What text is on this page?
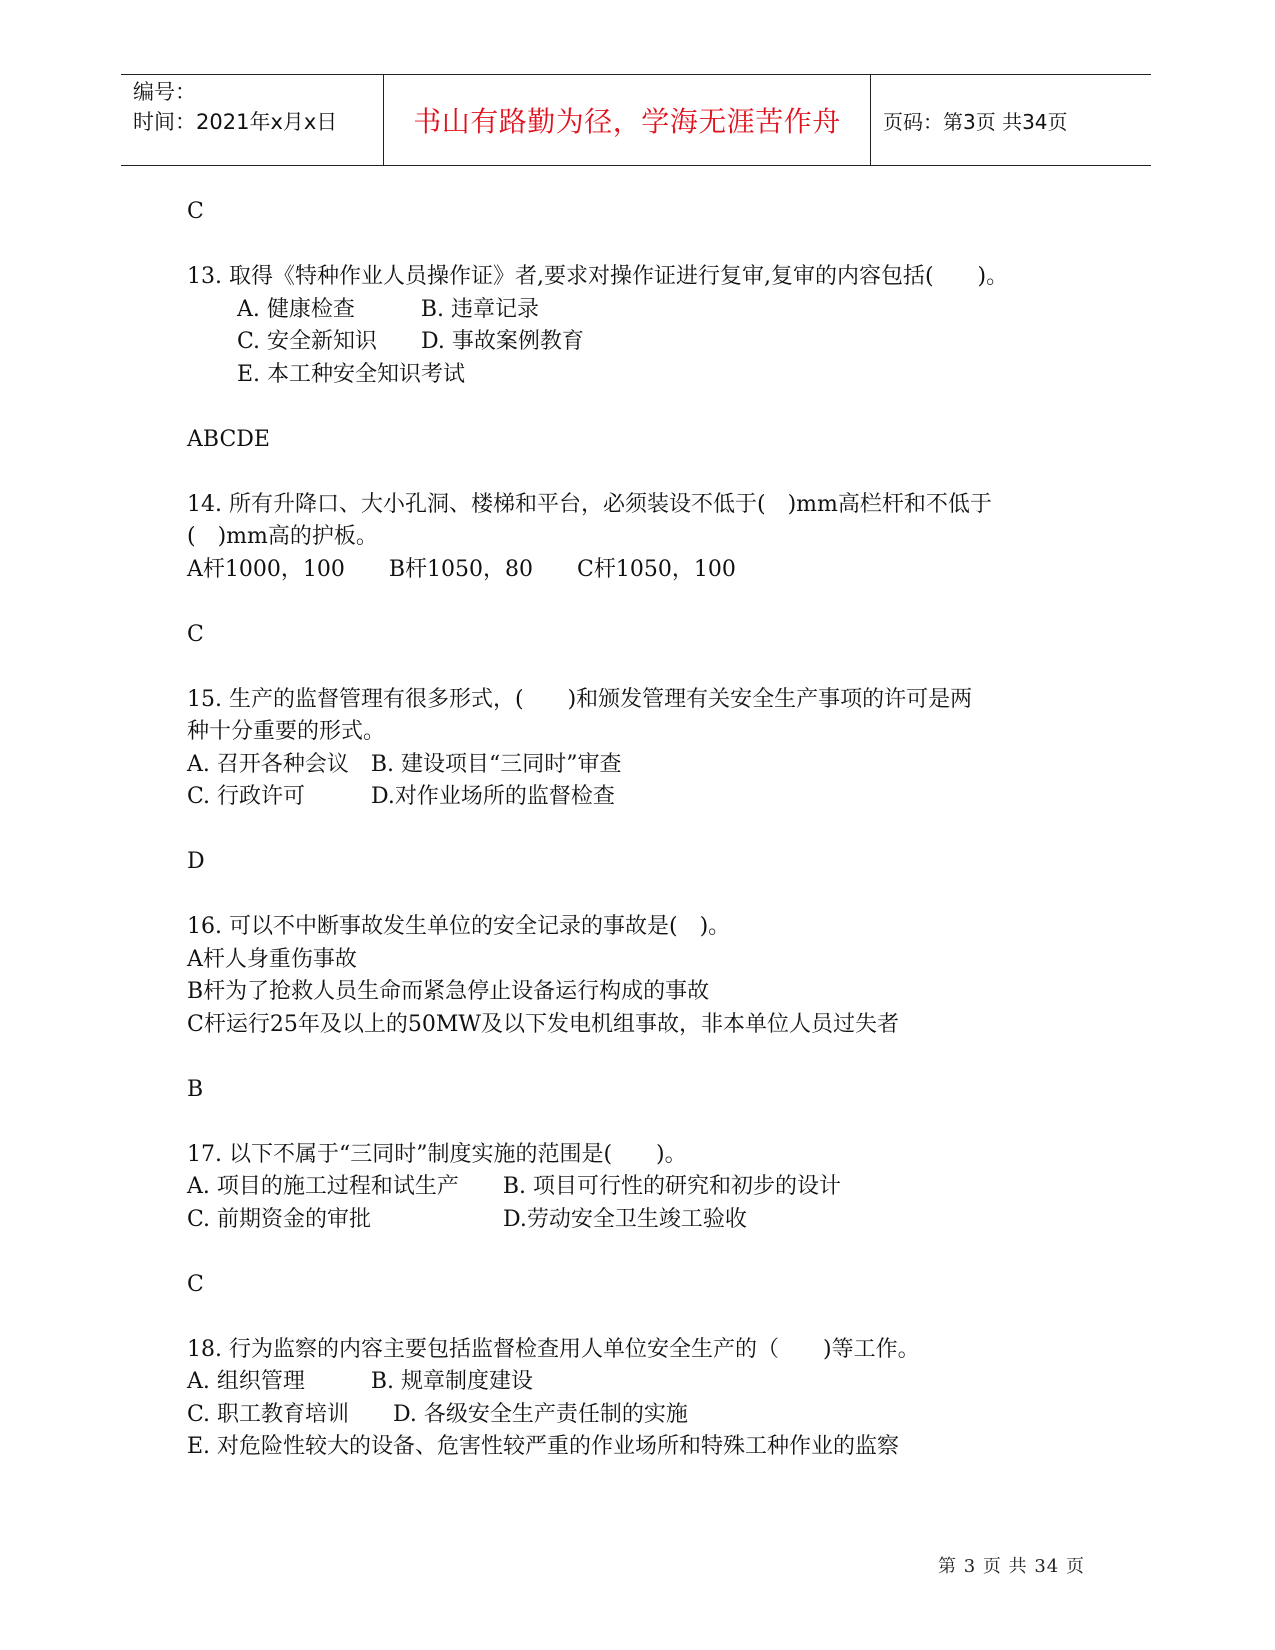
编号：
时间：2021年x月x日	书山有路勤为径，学海无涯苦作舟	页码：第3页 共34页
C
13. 取得《特种作业人员操作证》者,要求对操作证进行复审,复审的内容包括(　　)。
A. 健康检查　　　B. 违章记录
C. 安全新知识　　D. 事故案例教育
E. 本工种安全知识考试
ABCDE
14. 所有升降口、大小孔洞、楼梯和平台，必须装设不低于(　)mm高栏杆和不低于
(　)mm高的护板。
A杆1000，100　　B杆1050，80　　C杆1050，100
C
15. 生产的监督管理有很多形式，(　　)和颁发管理有关安全生产事项的许可是两
种十分重要的形式。
A. 召开各种会议　B. 建设项目“三同时”审查
C. 行政许可　　　D.对作业场所的监督检查
D
16. 可以不中断事故发生单位的安全记录的事故是(　)。
A杆人身重伤事故
B杆为了抢救人员生命而紧急停止设备运行构成的事故
C杆运行25年及以上的50MW及以下发电机组事故，非本单位人员过失者
B
17. 以下不属于“三同时”制度实施的范围是(　　)。
A. 项目的施工过程和试生产　　B. 项目可行性的研究和初步的设计
C. 前期资金的审批　　　　　　D.劳动安全卫生竣工验收
C
18. 行为监察的内容主要包括监督检查用人单位安全生产的（　　)等工作。
A. 组织管理　　　B. 规章制度建设
C. 职工教育培训　　D. 各级安全生产责任制的实施
E. 对危险性较大的设备、危害性较严重的作业场所和特殊工种作业的监察
第 3 页 共 34 页
